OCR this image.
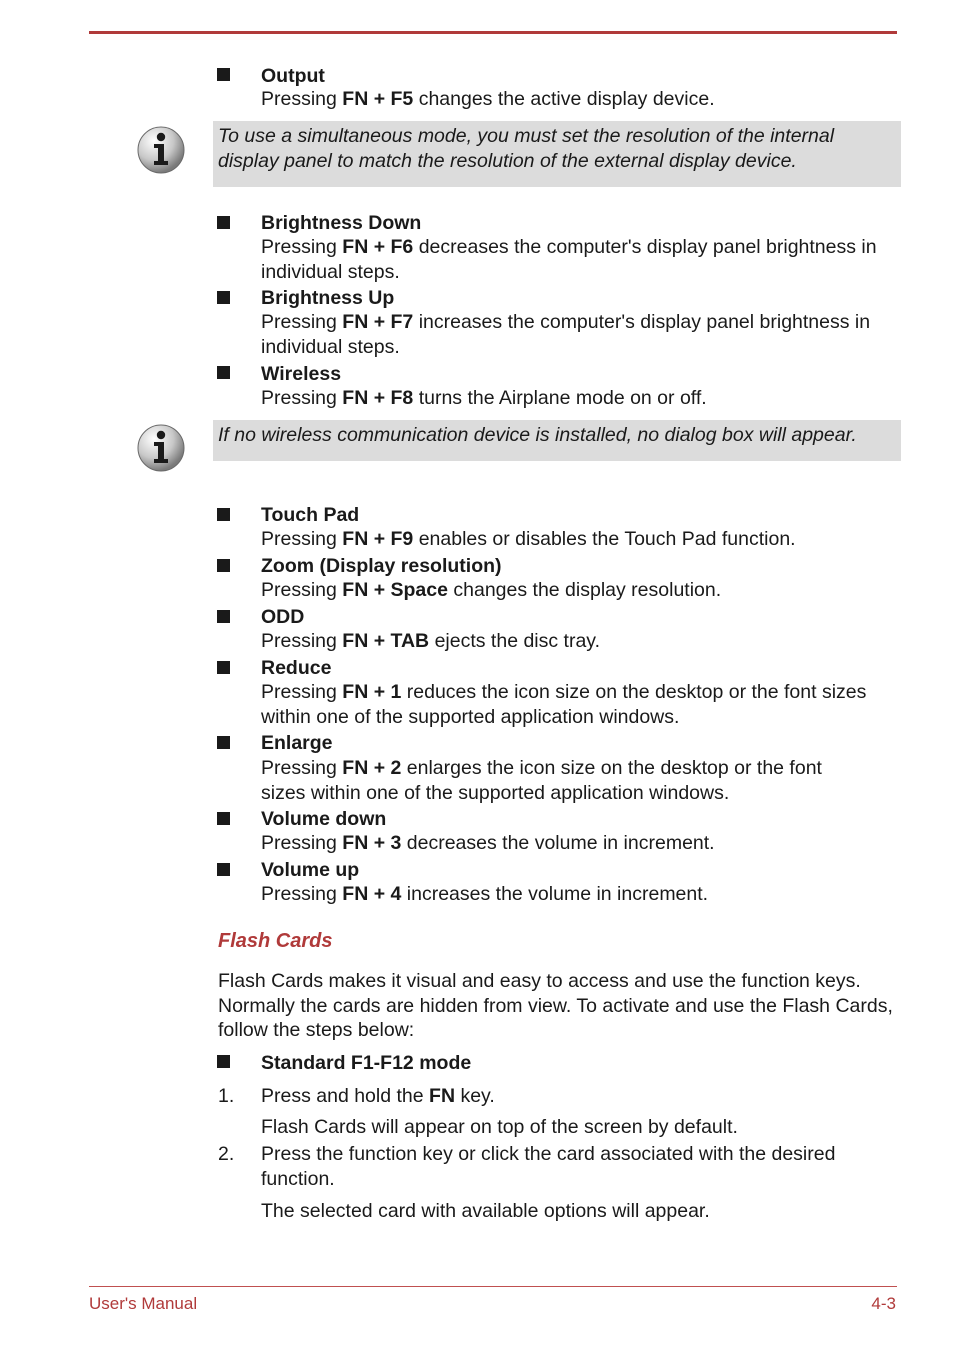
Output
Pressing FN + F5 changes the active display device.
To use a simultaneous mode, you must set the resolution of the internal display panel to match the resolution of the external display device.
Brightness Down
Pressing FN + F6 decreases the computer's display panel brightness in individual steps.
Brightness Up
Pressing FN + F7 increases the computer's display panel brightness in individual steps.
Wireless
Pressing FN + F8 turns the Airplane mode on or off.
If no wireless communication device is installed, no dialog box will appear.
Touch Pad
Pressing FN + F9 enables or disables the Touch Pad function.
Zoom (Display resolution)
Pressing FN + Space changes the display resolution.
ODD
Pressing FN + TAB ejects the disc tray.
Reduce
Pressing FN + 1 reduces the icon size on the desktop or the font sizes within one of the supported application windows.
Enlarge
Pressing FN + 2 enlarges the icon size on the desktop or the font sizes within one of the supported application windows.
Volume down
Pressing FN + 3 decreases the volume in increment.
Volume up
Pressing FN + 4 increases the volume in increment.
Flash Cards
Flash Cards makes it visual and easy to access and use the function keys. Normally the cards are hidden from view. To activate and use the Flash Cards, follow the steps below:
Standard F1-F12 mode
1. Press and hold the FN key.
Flash Cards will appear on top of the screen by default.
2. Press the function key or click the card associated with the desired function.
The selected card with available options will appear.
User's Manual	4-3
